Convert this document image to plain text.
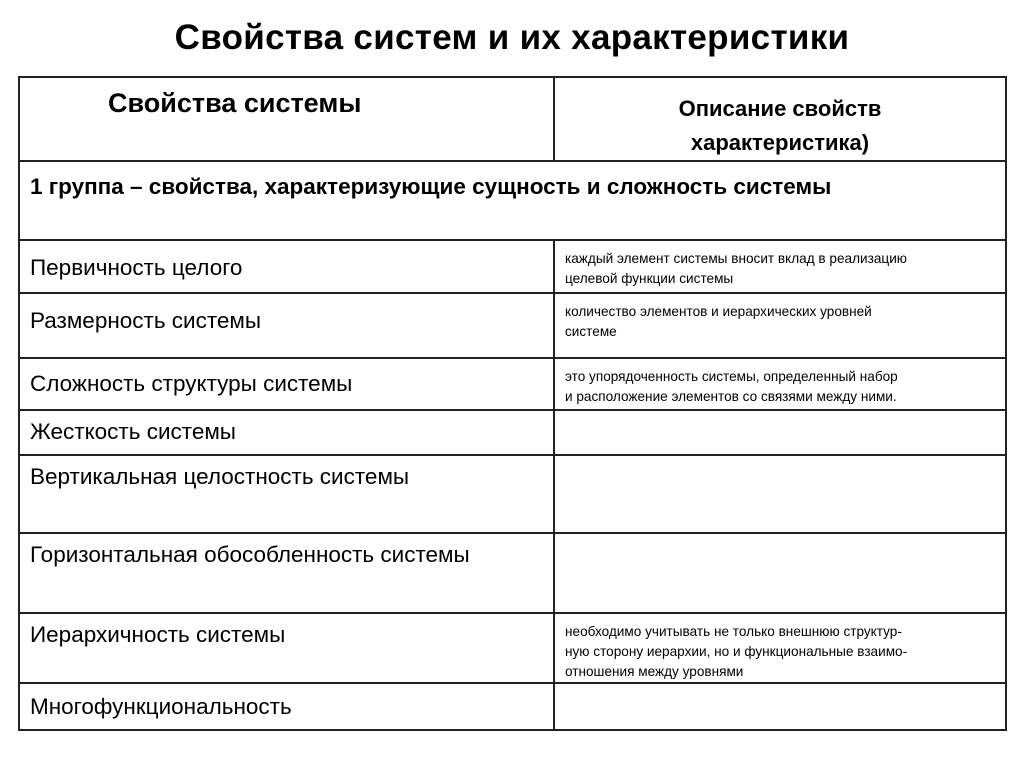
Свойства систем и их характеристики
Свойства системы	Описание свойств
характеристика)
1 группа – свойства, характеризующие сущность и сложность системы	
Первичность целого	каждый элемент системы вносит вклад в реализацию
целевой функции системы
Размерность системы	количество элементов и иерархических уровней
системе
Сложность структуры системы	это упорядоченность системы, определенный набор
и расположение элементов со связями между ними.
Жесткость системы	
Вертикальная целостность системы	
Горизонтальная обособленность системы	
Иерархичность системы	необходимо учитывать не только внешнюю структур-
ную сторону иерархии, но и функциональные взаимо-
отношения между уровнями
Многофункциональность	
